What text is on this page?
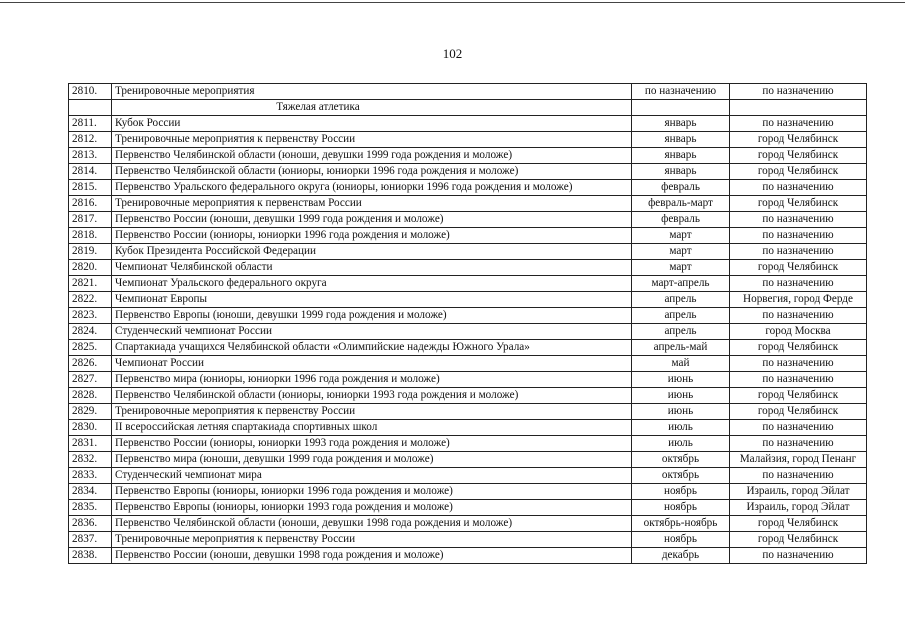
102
2810.	Тренировочные мероприятия	по назначению	по назначению
	Тяжелая атлетика		
2811.	Кубок России	январь	по назначению
2812.	Тренировочные мероприятия к первенству России	январь	город Челябинск
2813.	Первенство Челябинской области (юноши, девушки 1999 года рождения и моложе)	январь	город Челябинск
2814.	Первенство Челябинской области (юниоры, юниорки 1996 года рождения и моложе)	январь	город Челябинск
2815.	Первенство Уральского федерального округа (юниоры, юниорки 1996 года рождения и моложе)	февраль	по назначению
2816.	Тренировочные мероприятия к первенствам России	февраль-март	город Челябинск
2817.	Первенство России (юноши, девушки 1999 года рождения и моложе)	февраль	по назначению
2818.	Первенство России (юниоры, юниорки 1996 года рождения и моложе)	март	по назначению
2819.	Кубок Президента Российской Федерации	март	по назначению
2820.	Чемпионат Челябинской области	март	город Челябинск
2821.	Чемпионат Уральского федерального округа	март-апрель	по назначению
2822.	Чемпионат Европы	апрель	Норвегия, город Ферде
2823.	Первенство Европы (юноши, девушки 1999 года рождения и моложе)	апрель	по назначению
2824.	Студенческий чемпионат России	апрель	город Москва
2825.	Спартакиада учащихся Челябинской области «Олимпийские надежды Южного Урала»	апрель-май	город Челябинск
2826.	Чемпионат России	май	по назначению
2827.	Первенство мира (юниоры, юниорки 1996 года рождения и моложе)	июнь	по назначению
2828.	Первенство Челябинской области (юниоры, юниорки 1993 года рождения и моложе)	июнь	город Челябинск
2829.	Тренировочные мероприятия к первенству России	июнь	город Челябинск
2830.	II всероссийская летняя спартакиада спортивных школ	июль	по назначению
2831.	Первенство России (юниоры, юниорки 1993 года рождения и моложе)	июль	по назначению
2832.	Первенство мира (юноши, девушки 1999 года рождения и моложе)	октябрь	Малайзия, город Пенанг
2833.	Студенческий чемпионат мира	октябрь	по назначению
2834.	Первенство Европы (юниоры, юниорки 1996 года рождения и моложе)	ноябрь	Израиль, город Эйлат
2835.	Первенство Европы (юниоры, юниорки 1993 года рождения и моложе)	ноябрь	Израиль, город Эйлат
2836.	Первенство Челябинской области (юноши, девушки 1998 года рождения и моложе)	октябрь-ноябрь	город Челябинск
2837.	Тренировочные мероприятия к первенству России	ноябрь	город Челябинск
2838.	Первенство России (юноши, девушки 1998 года рождения и моложе)	декабрь	по назначению
